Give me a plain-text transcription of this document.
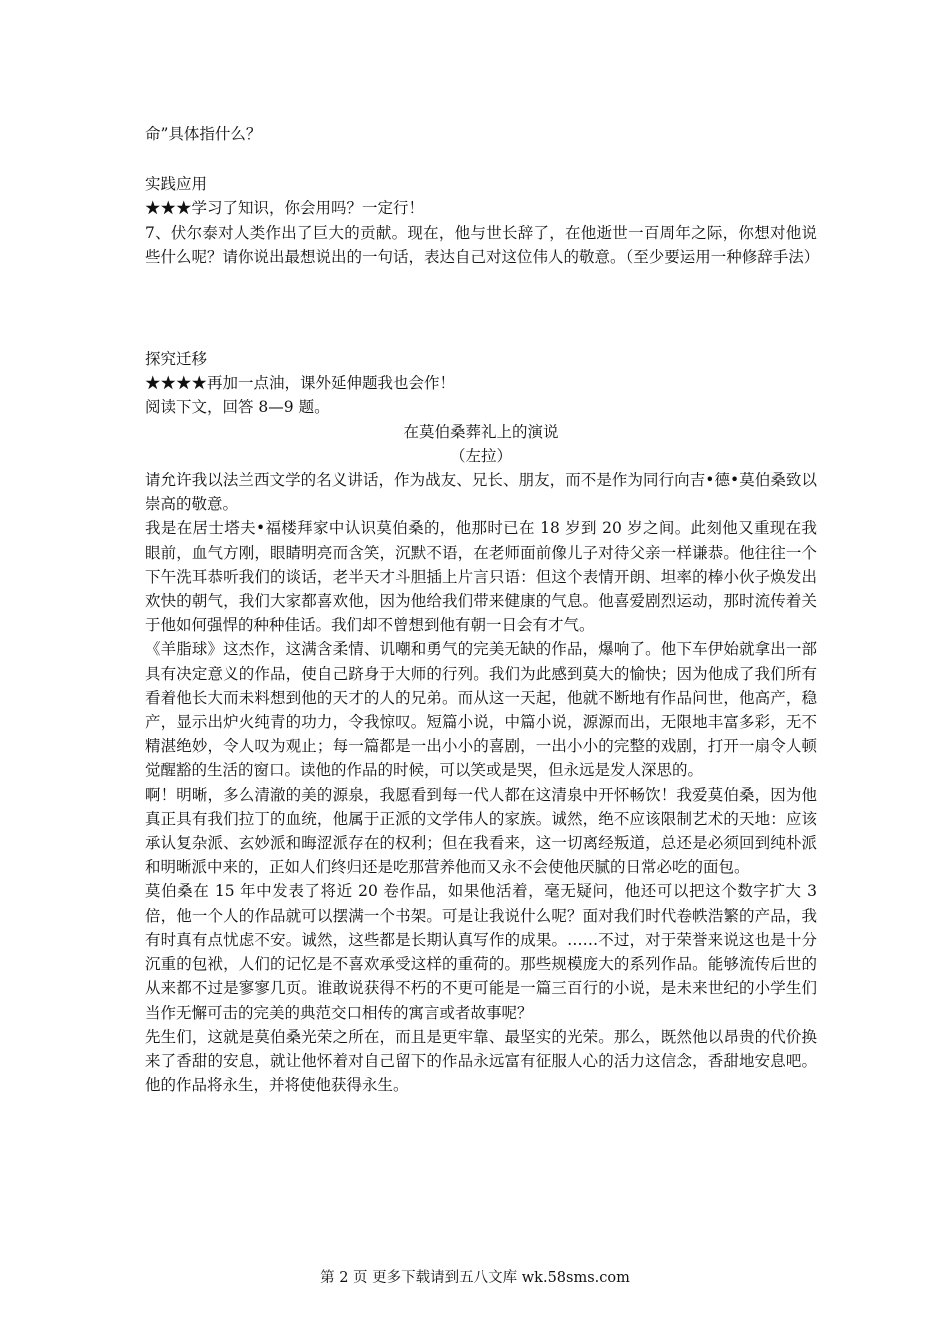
命”具体指什么？
实践应用
★★★学习了知识，你会用吗？一定行！

7、伏尔泰对人类作出了巨大的贡献。现在，他与世长辞了，在他逝世一百周年之际，你想对他说些什么呢？请你说出最想说出的一句话，表达自己对这位伟人的敬意。（至少要运用一种修辞手法）

探究迁移
★★★★再加一点油，课外延伸题我也会作！
阅读下文，回答 8—9 题。
在莫伯桑葬礼上的演说
（左拉）

请允许我以法兰西文学的名义讲话，作为战友、兄长、朋友，而不是作为同行向吉•德•莫伯桑致以崇高的敬意。

我是在居士塔夫•福楼拜家中认识莫伯桑的，他那时已在 18 岁到 20 岁之间。此刻他又重现在我眼前，血气方刚，眼睛明亮而含笑，沉默不语，在老师面前像儿子对待父亲一样谦恭。他往往一个下午洗耳恭听我们的谈话，老半天才斗胆插上片言只语：但这个表情开朗、坦率的棒小伙子焕发出欢快的朝气，我们大家都喜欢他，因为他给我们带来健康的气息。他喜爱剧烈运动，那时流传着关于他如何强悍的种种佳话。我们却不曾想到他有朝一日会有才气。

《羊脂球》这杰作，这满含柔情、讥嘲和勇气的完美无缺的作品，爆响了。他下车伊始就拿出一部具有决定意义的作品，使自己跻身于大师的行列。我们为此感到莫大的愉快；因为他成了我们所有看着他长大而未料想到他的天才的人的兄弟。而从这一天起，他就不断地有作品问世，他高产，稳产，显示出炉火纯青的功力，令我惊叹。短篇小说，中篇小说，源源而出，无限地丰富多彩，无不精湛绝妙，令人叹为观止；每一篇都是一出小小的喜剧，一出小小的完整的戏剧，打开一扇令人顿觉醒豁的生活的窗口。读他的作品的时候，可以笑或是哭，但永远是发人深思的。

啊！明晰，多么清澈的美的源泉，我愿看到每一代人都在这清泉中开怀畅饮！我爱莫伯桑，因为他真正具有我们拉丁的血统，他属于正派的文学伟人的家族。诚然，绝不应该限制艺术的天地：应该承认复杂派、玄妙派和晦涩派存在的权利；但在我看来，这一切离经叛道，总还是必须回到纯朴派和明晰派中来的，正如人们终归还是吃那营养他而又永不会使他厌腻的日常必吃的面包。

莫伯桑在 15 年中发表了将近 20 卷作品，如果他活着，毫无疑问，他还可以把这个数字扩大 3 倍，他一个人的作品就可以摆满一个书架。可是让我说什么呢？面对我们时代卷帙浩繁的产品，我有时真有点忧虑不安。诚然，这些都是长期认真写作的成果。……不过，对于荣誉来说这也是十分沉重的包袱，人们的记忆是不喜欢承受这样的重荷的。那些规模庞大的系列作品。能够流传后世的从来都不过是寥寥几页。谁敢说获得不朽的不更可能是一篇三百行的小说，是未来世纪的小学生们当作无懈可击的完美的典范交口相传的寓言或者故事呢？

先生们，这就是莫伯桑光荣之所在，而且是更牢靠、最坚实的光荣。那么，既然他以昂贵的代价换来了香甜的安息，就让他怀着对自己留下的作品永远富有征服人心的活力这信念，香甜地安息吧。他的作品将永生，并将使他获得永生。

第 2 页 更多下载请到五八文库 wk.58sms.com
